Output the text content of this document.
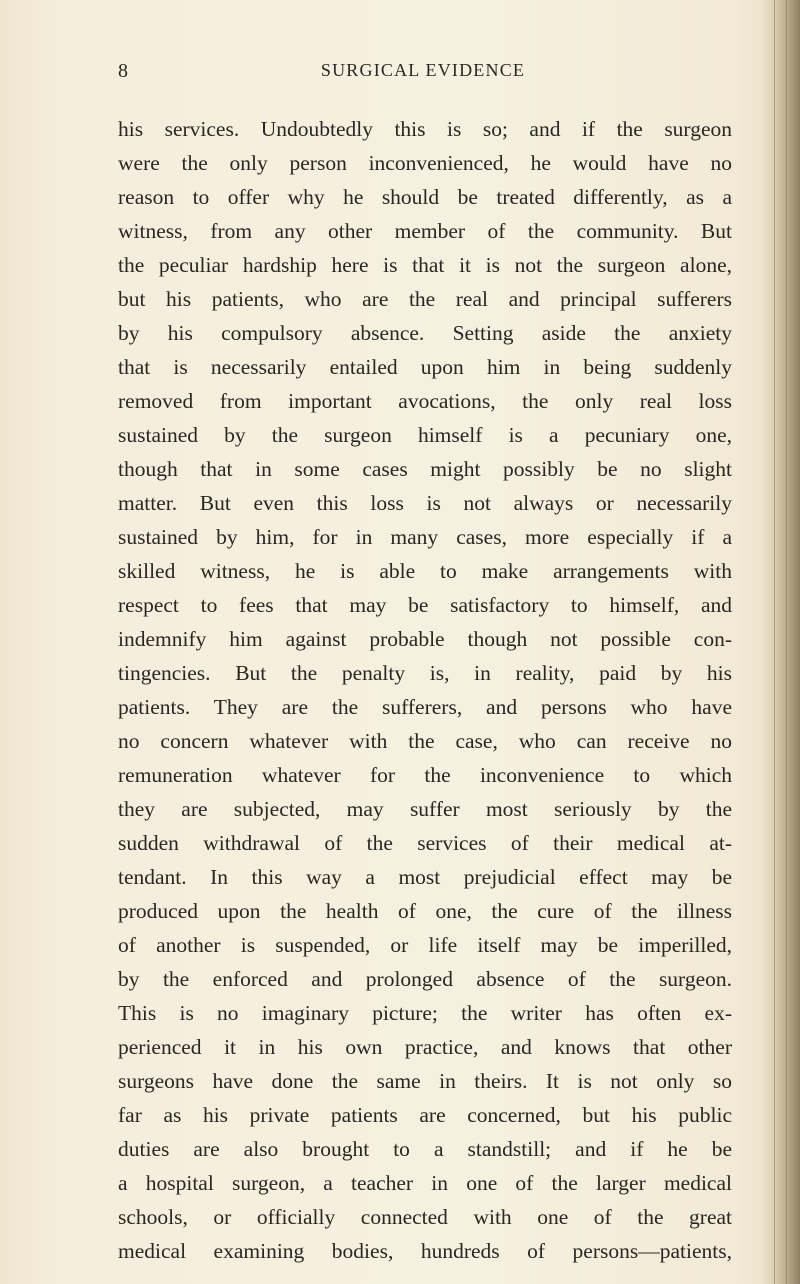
8	SURGICAL EVIDENCE
his services. Undoubtedly this is so; and if the surgeon
were the only person inconvenienced, he would have no
reason to offer why he should be treated differently, as a
witness, from any other member of the community. But
the peculiar hardship here is that it is not the surgeon alone,
but his patients, who are the real and principal sufferers
by his compulsory absence. Setting aside the anxiety
that is necessarily entailed upon him in being suddenly
removed from important avocations, the only real loss
sustained by the surgeon himself is a pecuniary one,
though that in some cases might possibly be no slight
matter. But even this loss is not always or necessarily
sustained by him, for in many cases, more especially if a
skilled witness, he is able to make arrangements with
respect to fees that may be satisfactory to himself, and
indemnify him against probable though not possible con-
tingencies. But the penalty is, in reality, paid by his
patients. They are the sufferers, and persons who have
no concern whatever with the case, who can receive no
remuneration whatever for the inconvenience to which
they are subjected, may suffer most seriously by the
sudden withdrawal of the services of their medical at-
tendant. In this way a most prejudicial effect may be
produced upon the health of one, the cure of the illness
of another is suspended, or life itself may be imperilled,
by the enforced and prolonged absence of the surgeon.
This is no imaginary picture; the writer has often ex-
perienced it in his own practice, and knows that other
surgeons have done the same in theirs. It is not only so
far as his private patients are concerned, but his public
duties are also brought to a standstill; and if he be
a hospital surgeon, a teacher in one of the larger medical
schools, or officially connected with one of the great
medical examining bodies, hundreds of persons—patients,
